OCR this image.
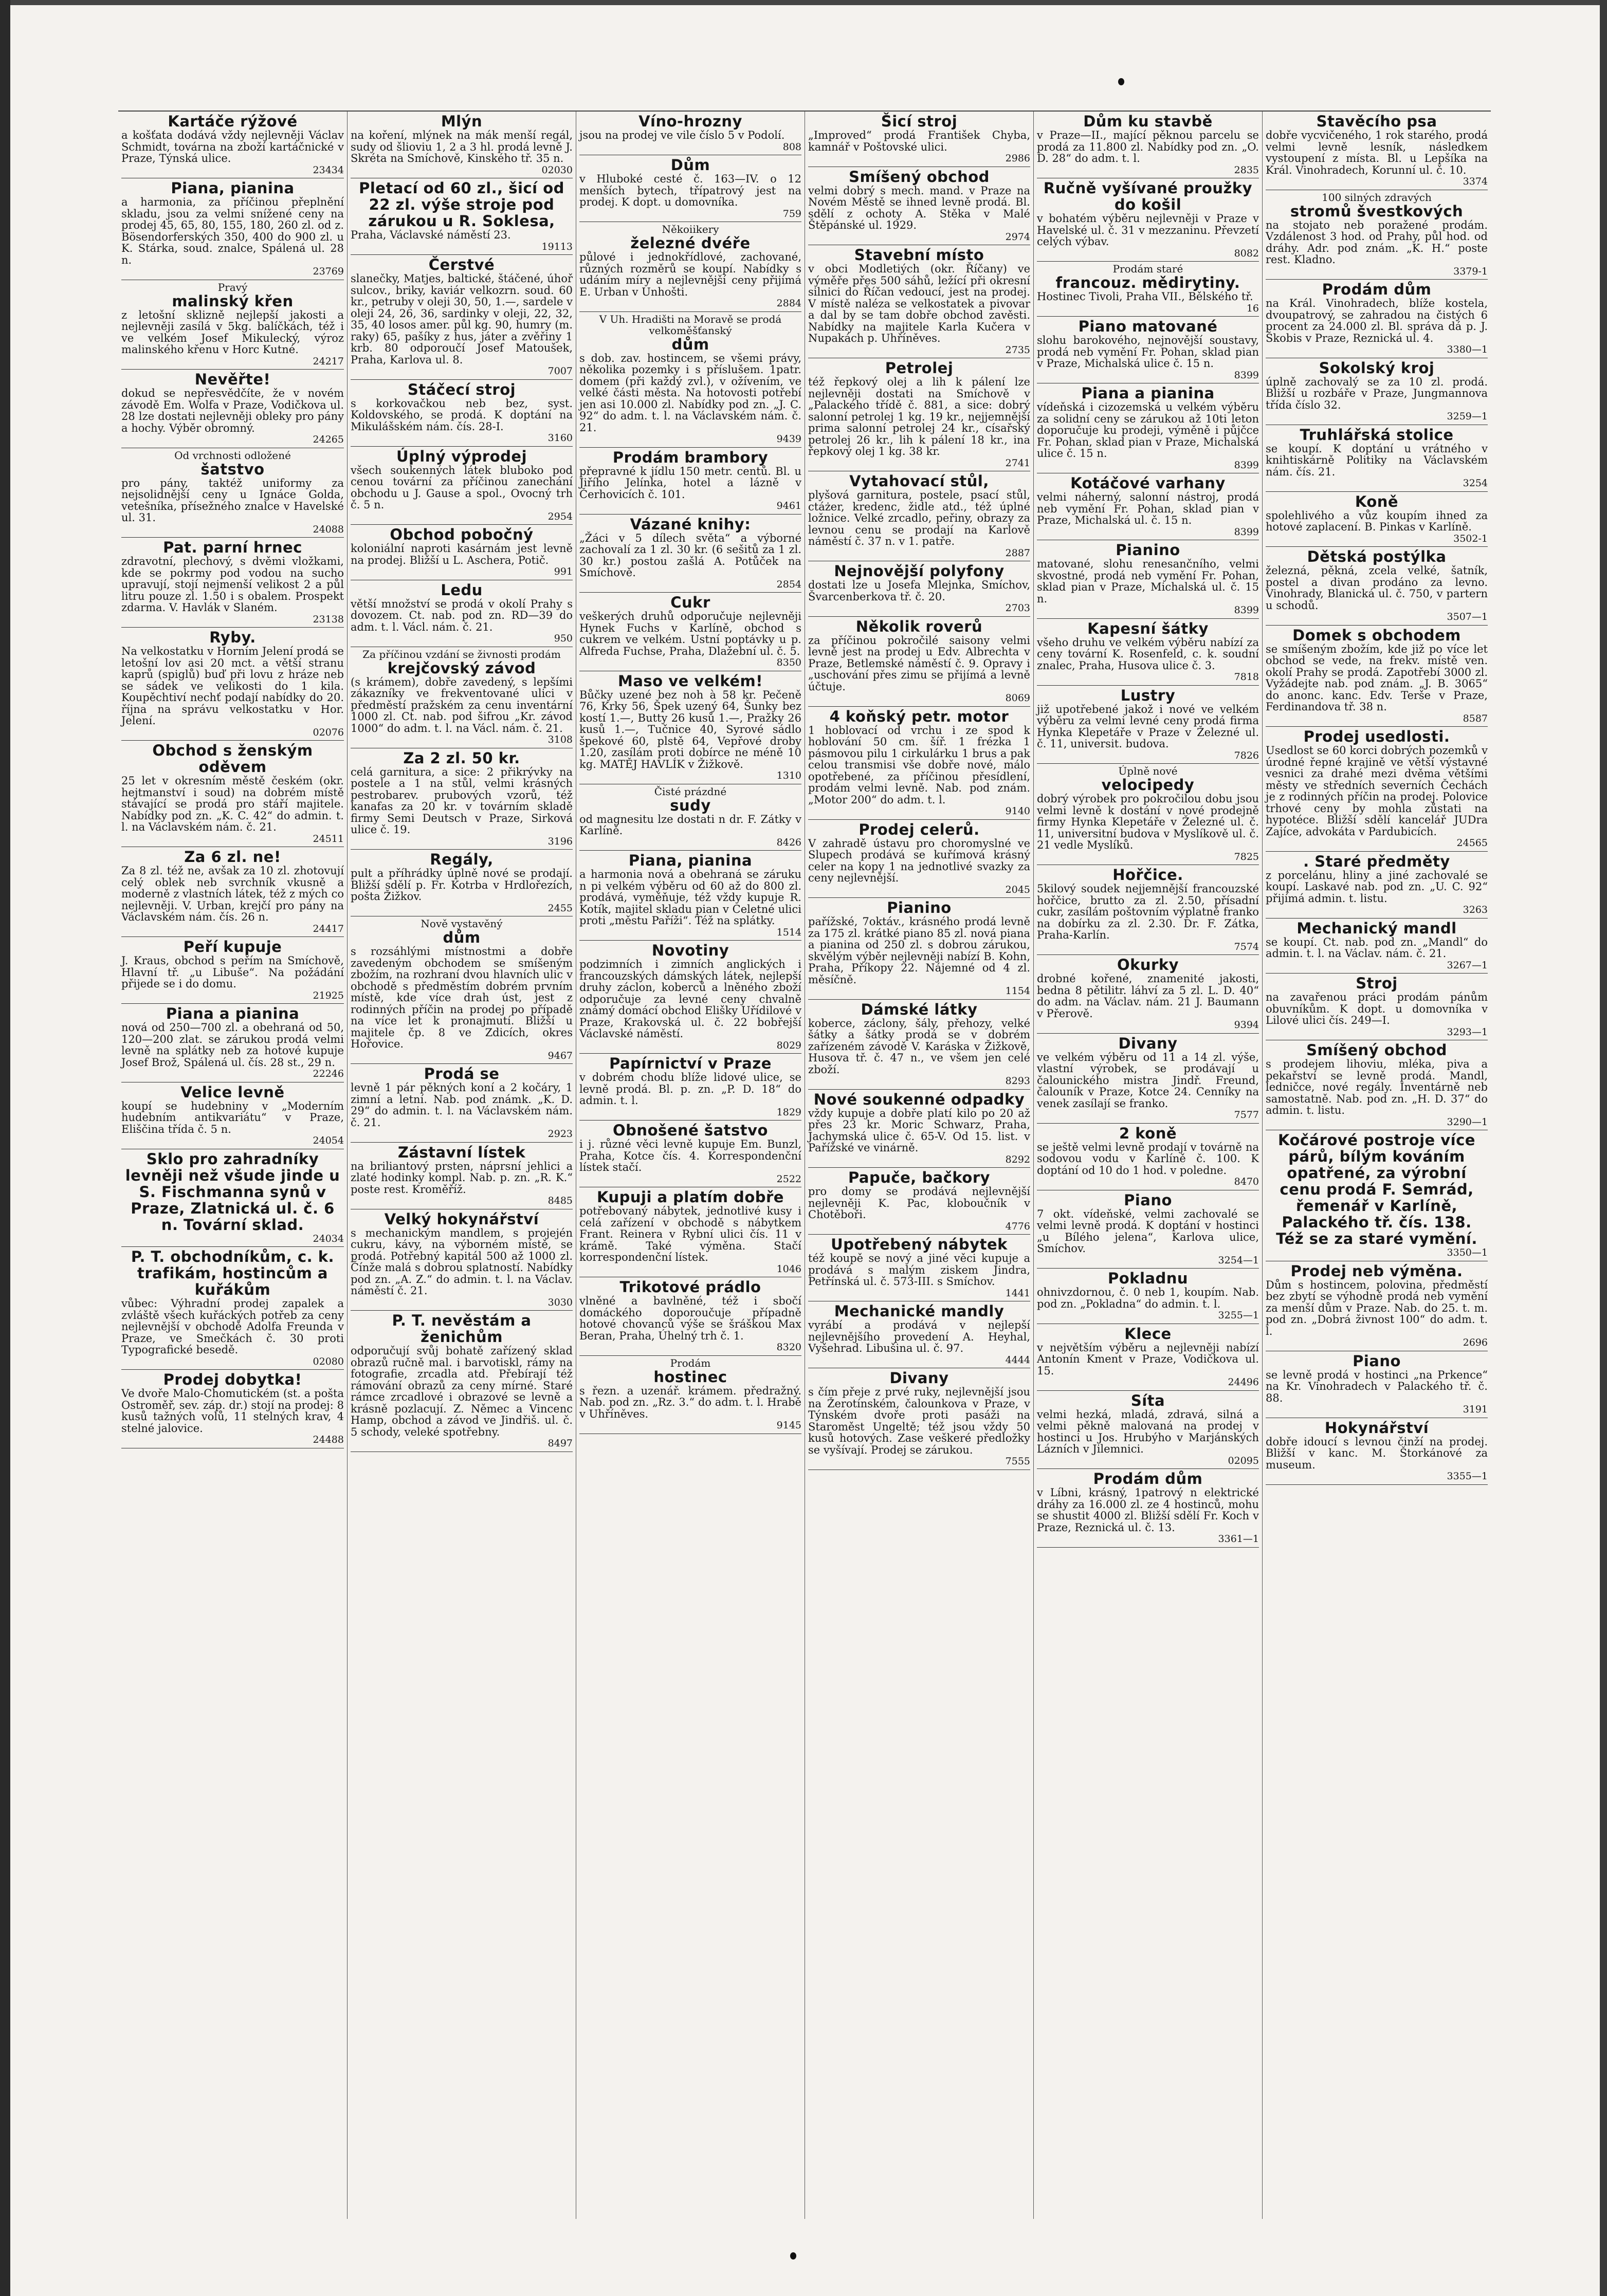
Kartáče rýžové
a košťata dodává vždy nejlevněji Václav Schmidt, továrna na zboží kartáčnické v Praze, Týnská ulice.
23434
Piana, pianina
a harmonia, za příčinou přeplnění skladu, jsou za velmi snížené ceny na prodej 45, 65, 80, 155, 180, 260 zl. od z. Bösendorferských 350, 400 do 900 zl. u K. Stárka, soud. znalce, Spálená ul. 28 n.
23769
Pravý
malinský křen
z letošní sklizně nejlepší jakosti a nejlevněji zasílá v 5kg. balíčkách, též i ve velkém Josef Mikulecký, výroz malinského křenu v Horc Kutné.
24217
Nevěřte!
dokud se nepřesvědčíte, že v novém závodě Em. Wolfa v Praze, Vodičkova ul. 28 lze dostati nejlevněji obleky pro pány a hochy. Výběr obromný.
24265
Od vrchnosti odložené
šatstvo
pro pány, taktéž uniformy za nejsolidnější ceny u Ignáce Golda, vetešníka, přísežného znalce v Havelské ul. 31.
24088
Pat. parní hrnec
zdravotní, plechový, s dvěmi vložkami, kde se pokrmy pod vodou na sucho upravují, stojí nejmenší velikost 2 a půl litru pouze zl. 1.50 i s obalem. Prospekt zdarma. V. Havlák v Slaném.
23138
Ryby.
Na velkostatku v Horním Jelení prodá se letošní lov asi 20 mct. a větší stranu kaprů (spiglů) buď při lovu z hráze neb se sádek ve velikosti do 1 kila. Koupěchtiví nechť podají nabídky do 20. října na správu velkostatku v Hor. Jelení.
02076
Obchod s ženským oděvem
25 let v okresním městě českém (okr. hejtmanství i soud) na dobrém místě stávající se prodá pro stáří majitele. Nabídky pod zn. „K. C. 42“ do admin. t. l. na Václavském nám. č. 21.
24511
Za 6 zl. ne!
Za 8 zl. též ne, avšak za 10 zl. zhotovují celý oblek neb svrchník vkusně a moderně z vlastních látek, též z mých co nejlevněji. V. Urban, krejčí pro pány na Václavském nám. čís. 26 n.
24417
Peří kupuje
J. Kraus, obchod s peřím na Smíchově, Hlavní tř. „u Libuše“. Na požádání přijede se i do domu.
21925
Piana a pianina
nová od 250—700 zl. a obehraná od 50, 120—200 zlat. se zárukou prodá velmi levně na splátky neb za hotové kupuje Josef Brož, Spálená ul. čís. 28 st., 29 n.
22246
Velice levně
koupí se hudebniny v „Moderním hudebním antikvariátu“ v Praze, Eliščina třída č. 5 n.
24054
Sklo pro zahradníky levněji než všude jinde u S. Fischmanna synů v Praze, Zlatnická ul. č. 6 n. Tovární sklad.
24034
P. T. obchodníkům, c. k. trafikám, hostincům a kuřákům
vůbec: Výhradní prodej zapalek a zvláště všech kuřáckých potřeb za ceny nejlevnější v obchodě Adolfa Freunda v Praze, ve Smečkách č. 30 proti Typografické besedě.
02080
Prodej dobytka!
Ve dvoře Malo-Chomutickém (st. a pošta Ostroměř, sev. záp. dr.) stojí na prodej: 8 kusů tažných volů, 11 stelných krav, 4 stelné jalovice.
24488
Mlýn
na koření, mlýnek na mák menší regál, sudy od šlioviu 1, 2 a 3 hl. prodá levně J. Skréta na Smíchově, Kinského tř. 35 n.
02030
Pletací od 60 zl., šicí od 22 zl. výše stroje pod zárukou u R. Soklesa,
Praha, Václavské náměstí 23.
19113
Čerstvé
slanečky, Matjes, baltické, štáčené, úhoř sulcov., briky, kaviár velkozrn. soud. 60 kr., petruby v oleji 30, 50, 1.—, sardele v oleji 24, 26, 36, sardinky v oleji, 22, 32, 35, 40 losos amer. půl kg. 90, humry (m. raky) 65, pašíky z hus, játer a zvěřiny 1 krb. 80 odporoučí Josef Matoušek, Praha, Karlova ul. 8.
7007
Stáčecí stroj
s korkovačkou neb bez, syst. Koldovského, se prodá. K doptání na Mikulášském nám. čís. 28-I.
3160
Úplný výprodej
všech soukenných látek bluboko pod cenou tovární za příčinou zanechání obchodu u J. Gause a spol., Ovocný trh č. 5 n.
2954
Obchod pobočný
koloniální naproti kasárnám jest levně na prodej. Bližší u L. Aschera, Potič.
991
Ledu
větší množství se prodá v okolí Prahy s dovozem. Ct. nab. pod zn. RD—39 do adm. t. l. Václ. nám. č. 21.
950
Za příčinou vzdání se živnosti prodám
krejčovský závod
(s krámem), dobře zavedený, s lepšími zákazníky ve frekventované ulici v předměstí pražském za cenu inventární 1000 zl. Ct. nab. pod šifrou „Kr. závod 1000“ do adm. t. l. na Václ. nám. č. 21.
3108
Za 2 zl. 50 kr.
celá garnitura, a sice: 2 přikrývky na postele a 1 na stůl, velmi krásných pestrobarev. prubových vzorů, též kanafas za 20 kr. v továrním skladě firmy Semi Deutsch v Praze, Sirková ulice č. 19.
3196
Regály,
pult a příhrádky úplně nové se prodají. Bližší sdělí p. Fr. Kotrba v Hrdlořezích, pošta Žižkov.
2455
Nově vystavěný
dům
s rozsáhlými místnostmi a dobře zavedeným obchodem se smíšeným zbožím, na rozhraní dvou hlavních ulic v obchodě s předměstím dobrém prvním místě, kde více drah úst, jest z rodinných příčin na prodej po případě na více let k pronajmutí. Bližší u majitele čp. 8 ve Zdicích, okres Hořovice.
9467
Prodá se
levně 1 pár pěkných koní a 2 kočáry, 1 zimní a letní. Nab. pod známk. „K. D. 29“ do admin. t. l. na Václavském nám. č. 21.
2923
Zástavní lístek
na briliantový prsten, náprsní jehlici a zlaté hodinky kompl. Nab. p. zn. „R. K.“ poste rest. Kroměříž.
8485
Velký hokynářství
s mechanickým mandlem, s projején cukru, kávy, na výborném místě, se prodá. Potřebný kapitál 500 až 1000 zl. Čínže malá s dobrou splatností. Nabídky pod zn. „A. Z.“ do admin. t. l. na Václav. náměstí č. 21.
3030
P. T. nevěstám a ženichům
odporučují svůj bohatě zařízený sklad obrazů ručně mal. i barvotiskl, rámy na fotografie, zrcadla atd. Přebírají též rámování obrazů za ceny mírné. Staré rámce zrcadlové i obrazové se levně a krásně pozlacují. Z. Němec a Vincenc Hamp, obchod a závod ve Jindřiš. ul. č. 5 schody, veleké spotřebny.
8497
Víno-hrozny
jsou na prodej ve vile číslo 5 v Podolí.
808
Dům
v Hluboké cesté č. 163—IV. o 12 menších bytech, třípatrový jest na prodej. K dopt. u domovníka.
759
Někoiikery
železné dvéře
půlové i jednokřídlové, zachované, různých rozměrů se koupí. Nabídky s udáním míry a nejlevnější ceny přijímá E. Urban v Unhošti.
2884
V Uh. Hradišti na Moravě se prodá velkoměšťanský
dům
s dob. zav. hostincem, se všemi právy, několika pozemky i s příslušem. 1patr. domem (při každý zvl.), v ožívením, ve velké části města. Na hotovosti potřebí jen asi 10.000 zl. Nabídky pod zn. „J. C. 92“ do adm. t. l. na Václavském nám. č. 21.
9439
Prodám brambory
přepravné k jídlu 150 metr. centů. Bl. u Jiřího Jelínka, hotel a lázně v Čerhovicích č. 101.
9461
Vázané knihy:
„Žáci v 5 dílech světa“ a výborné zachovalí za 1 zl. 30 kr. (6 sešitů za 1 zl. 30 kr.) postou zašlá A. Potůček na Smíchově.
2854
Cukr
veškerých druhů odporučuje nejlevněji Hynek Fuchs v Karlíně, obchod s cukrem ve velkém. Ustní poptávky u p. Alfreda Fuchse, Praha, Dlažební ul. č. 5.
8350
Maso ve velkém!
Bůčky uzené bez noh à 58 kr. Pečeně 76, Krky 56, Špek uzený 64, Šunky bez kostí 1.—, Butty 26 kusů 1.—, Pražky 26 kusů 1.—, Tučnice 40, Syrové sádlo špekové 60, plstě 64, Vepřové droby 1.20, zasílám proti dobírce ne méně 10 kg. MATĚJ HAVLÍK v Žižkově.
1310
Čisté prázdné
sudy
od magnesitu lze dostati n dr. F. Zátky v Karlíně.
8426
Piana, pianina
a harmonia nová a obehraná se záruku n pi velkém výběru od 60 až do 800 zl. prodává, vyměňuje, též vždy kupuje R. Kotík, majitel skladu pian v Celetné ulici proti „městu Paříži“. Též na splátky.
1514
Novotiny
podzimních i zimních anglických i francouzských dámských látek, nejlepší druhy záclon, koberců a lněného zboží odporučuje za levné ceny chvalně známý domácí obchod Elišky Uřídilové v Praze, Krakovská ul. č. 22 bobřejší Václavské náměstí.
8029
Papírnictví v Praze
v dobrém chodu blíže lidové ulice, se levně prodá. Bl. p. zn. „P. D. 18“ do admin. t. l.
1829
Obnošené šatstvo
i j. různé věci levně kupuje Em. Bunzl, Praha, Kotce čís. 4. Korrespondenční lístek stačí.
2522
Kupuji a platím dobře
potřebovaný nábytek, jednotlivé kusy i celá zařízení v obchodě s nábytkem Frant. Reinera v Rybní ulici čís. 11 v krámě. Také výměna. Stačí korrespondenční lístek.
1046
Trikotové prádlo
vlněné a bavlněné, též i sbočí domáckého doporoučuje případně hotové chovanců výše se šráškou Max Beran, Praha, Úhelný trh č. 1.
8320
Prodám
hostinec
s řezn. a uzenář. krámem. předražný. Nab. pod zn. „Rz. 3.“ do adm. t. l. Hrabě v Uhříněves.
9145
Šicí stroj
„Improved“ prodá František Chyba, kamnář v Poštovské ulici.
2986
Smíšený obchod
velmi dobrý s mech. mand. v Praze na Novém Městě se ihned levně prodá. Bl. sdělí z ochoty A. Stěka v Malé Štěpánské ul. 1929.
2974
Stavební místo
v obci Modletiých (okr. Říčany) ve výměře přes 500 sáhů, ležící při okresní silnici do Říčan vedoucí, jest na prodej. V místě naléza se velkostatek a pivovar a dal by se tam dobře obchod zavěsti. Nabídky na majitele Karla Kučera v Nupakách p. Uhříněves.
2735
Petrolej
též řepkový olej a lih k pálení lze nejlevněji dostati na Smíchově v „Palackého třídě č. 881, a sice: dobrý salonní petrolej 1 kg. 19 kr., nejjemnější prima salonní petrolej 24 kr., císařský petrolej 26 kr., lih k pálení 18 kr., ina řepkový olej 1 kg. 38 kr.
2741
Vytahovací stůl,
plyšová garnitura, postele, psací stůl, ctáżer, kredenc, židle atd., též úplné ložnice. Velké zrcadlo, peřiny, obrazy za levnou cenu se prodají na Karlově náměstí č. 37 n. v 1. patře.
2887
Nejnovější polyfony
dostati lze u Josefa Mlejnka, Smíchov, Švarcenberkova tř. č. 20.
2703
Několik roverů
za příčinou pokročilé saisony velmi levně jest na prodej u Edv. Albrechta v Praze, Betlemské náměstí č. 9. Opravy i „uschování přes zimu se přijímá a levně účtuje.
8069
4 koňský petr. motor
1 hoblovací od vrchu i ze spod k hoblování 50 cm. šíř. 1 frézka 1 pásmovou pilu 1 cirkulárku 1 brus a pak celou transmisi vše dobře nové, málo opotřebené, za příčinou přesídlení, prodám velmi levně. Nab. pod znám. „Motor 200“ do adm. t. l.
9140
Prodej celerů.
V zahradě ústavu pro choromyslné ve Slupech prodává se kuřímová krásný celer na kopy 1 na jednotlivé svazky za ceny nejlevnější.
2045
Pianino
pařížské, 7oktáv., krásného prodá levně za 175 zl. krátké piano 85 zl. nová piana a pianina od 250 zl. s dobrou zárukou, skvělým výběr nejlevněji nabízí B. Kohn, Praha, Příkopy 22. Nájemné od 4 zl. měsíčně.
1154
Dámské látky
koberce, záclony, šály, přehozy, velké šátky a šátky prodá se v dobrém zařízeném závodě V. Karáska v Žižkově, Husova tř. č. 47 n., ve všem jen celé zboží.
8293
Nové soukenné odpadky
vždy kupuje a dobře platí kilo po 20 až přes 23 kr. Moric Schwarz, Praha, Jachymská ulice č. 65-V. Od 15. list. v Pařížské ve vinárně.
8292
Papuče, bačkory
pro domy se prodává nejlevnější nejlevněji K. Pac, kloboučník v Chotěboři.
4776
Upotřebený nábytek
též koupě se nový a jiné věci kupuje a prodává s malým ziskem Jindra, Petřínská ul. č. 573-III. s Smíchov.
1441
Mechanické mandly
vyrábí a prodává v nejlepší nejlevnějšího provedení A. Heyhal, Vyšehrad. Libušina ul. č. 97.
4444
Divany
s čím přeje z prvé ruky, nejlevnější jsou na Žerotínském, čalounkova v Praze, v Týnském dvoře proti pasáži na Staroměst Ungeltě; též jsou vždy 50 kusů hotových. Zase veškeré předložky se vyšívají. Prodej se zárukou.
7555
Dům ku stavbě
v Praze—II., mající pěknou parcelu se prodá za 11.800 zl. Nabídky pod zn. „O. D. 28“ do adm. t. l.
2835
Ručně vyšívané proužky do košil
v bohatém výběru nejlevněji v Praze v Havelské ul. č. 31 v mezzaninu. Převzetí celých výbav.
8082
Prodám staré
francouz. mědirytiny.
Hostinec Tivoli, Praha VII., Bělského tř.
16
Piano matované
slohu barokového, nejnovější soustavy, prodá neb vymění Fr. Pohan, sklad pian v Praze, Michalská ulice č. 15 n.
8399
Piana a pianina
vídeňská i cizozemská u velkém výběru za solidní ceny se zárukou až 10ti leton doporučuje ku prodeji, výměně i půjčce Fr. Pohan, sklad pian v Praze, Michalská ulice č. 15 n.
8399
Kotáčové varhany
velmi náherný, salonní nástroj, prodá neb vymění Fr. Pohan, sklad pian v Praze, Michalská ul. č. 15 n.
8399
Pianino
matované, slohu renesančního, velmi skvostné, prodá neb vymění Fr. Pohan, sklad pian v Praze, Michalská ul. č. 15 n.
8399
Kapesní šátky
všeho druhu ve velkém výběru nabízí za ceny tovární K. Rosenfeld, c. k. soudní znalec, Praha, Husova ulice č. 3.
7818
Lustry
již upotřebené jakož i nové ve velkém výběru za velmi levné ceny prodá firma Hynka Klepetáře v Praze v Železné ul. č. 11, universit. budova.
7826
Úplně nové
velocipedy
dobrý výrobek pro pokročilou dobu jsou velmi levně k dostání v nové prodejně firmy Hynka Klepetáře v Železné ul. č. 11, universitní budova v Myslíkově ul. č. 21 vedle Myslíků.
7825
Hořčice.
5kilový soudek nejjemnější francouzské hořčice, brutto za zl. 2.50, přísadní cukr, zasílám poštovním výplatně franko na dobírku za zl. 2.30. Dr. F. Zátka, Praha-Karlín.
7574
Okurky
drobné kořené, znamenité jakosti, bedna 8 pětilitr. láhví za 5 zl. L. D. 40“ do adm. na Václav. nám. 21 J. Baumann v Přerově.
9394
Divany
ve velkém výběru od 11 a 14 zl. výše, vlastní výrobek, se prodávají u čalounického mistra Jindř. Freund, čalouník v Praze, Kotce 24. Cenníky na venek zasílají se franko.
7577
2 koně
se ještě velmi levně prodají v továrně na sodovou vodu v Karlíně č. 100. K doptání od 10 do 1 hod. v poledne.
8470
Piano
7 okt. vídeňské, velmi zachovalé se velmi levně prodá. K doptání v hostinci „u Bílého jelena“, Karlova ulice, Smíchov.
3254—1
Pokladnu
ohnivzdornou, č. 0 neb 1, koupím. Nab. pod zn. „Pokladna“ do admin. t. l.
3255—1
Klece
v největším výběru a nejlevněji nabízí Antonín Kment v Praze, Vodičkova ul. 15.
24496
Síta
velmi hezká, mladá, zdravá, silná a velmi pěkně malovaná na prodej v hostinci u Jos. Hrubýho v Marjánských Lázních v Jilemnici.
02095
Prodám dům
v Líbni, krásný, 1patrový n elektrické dráhy za 16.000 zl. ze 4 hostinců, mohu se shustit 4000 zl. Bližší sdělí Fr. Koch v Praze, Reznická ul. č. 13.
3361—1
Stavěcího psa
dobře vycvičeného, 1 rok starého, prodá velmi levně lesník, následkem vystoupení z místa. Bl. u Lepšíka na Král. Vinohradech, Korunní ul. č. 10.
3374
100 silných zdravých
stromů švestkových
na stojato neb poražené prodám. Vzdálenost 3 hod. od Prahy, půl hod. od dráhy. Adr. pod znám. „K. H.“ poste rest. Kladno.
3379-1
Prodám dům
na Král. Vinohradech, blíže kostela, dvoupatrový, se zahradou na čistých 6 procent za 24.000 zl. Bl. správa dá p. J. Škobis v Praze, Reznická ul. 4.
3380—1
Sokolský kroj
úplně zachovalý se za 10 zl. prodá. Bližší u rozbáře v Praze, Jungmannova třída číslo 32.
3259—1
Truhlářská stolice
se koupí. K doptání u vrátného v knihtiskárně Politiky na Václavském nám. čís. 21.
3254
Koně
spolehlivého a vůz koupím ihned za hotové zaplacení. B. Pinkas v Karlíně.
3502-1
Dětská postýlka
železná, pěkná, zcela velké, šatník, postel a divan prodáno za levno. Vinohrady, Blanická ul. č. 750, v partern u schodů.
3507—1
Domek s obchodem
se smíšeným zbožím, kde již po více let obchod se vede, na frekv. místě ven. okolí Prahy se prodá. Zapotřebí 3000 zl. Vyžádejte nab. pod znám. „J. B. 3065“ do anonc. kanc. Edv. Terše v Praze, Ferdinandova tř. 38 n.
8587
Prodej usedlosti.
Usedlost se 60 korci dobrých pozemků v úrodné řepné krajině ve větší výstavné vesnici za drahé mezi dvěma většími městy ve středních severních Čechách je z rodinných příčin na prodej. Polovice trhové ceny by mohla zůstati na hypotéce. Bližší sdělí kancelář JUDra Zajíce, advokáta v Pardubicích.
24565
. Staré předměty
z porcelánu, hliny a jiné zachovalé se koupí. Laskavé nab. pod zn. „U. C. 92“ přijímá admin. t. listu.
3263
Mechanický mandl
se koupí. Ct. nab. pod zn. „Mandl“ do admin. t. l. na Václav. nám. č. 21.
3267—1
Stroj
na zavařenou práci prodám pánům obuvníkům. K dopt. u domovníka v Lilové ulici čís. 249—I.
3293—1
Smíšený obchod
s prodejem lihoviu, mléka, piva a pekařství se levně prodá. Mandl, ledničce, nové regály. Inventárně neb samostatně. Nab. pod zn. „H. D. 37“ do admin. t. listu.
3290—1
Kočárové postroje více párů, bílým kováním opatřené, za výrobní cenu prodá F. Semrád, řemenář v Karlíně, Palackého tř. čís. 138. Též se za staré vymění.
3350—1
Prodej neb výměna.
Dům s hostincem, polovina, předměstí bez zbytí se výhodně prodá neb vymění za menší dům v Praze. Nab. do 25. t. m. pod zn. „Dobrá živnost 100“ do adm. t. l.
2696
Piano
se levně prodá v hostinci „na Prkence“ na Kr. Vinohradech v Palackého tř. č. 88.
3191
Hokynářství
dobře idoucí s levnou činží na prodej. Bližší v kanc. M. Štorkánové za museum.
3355—1
